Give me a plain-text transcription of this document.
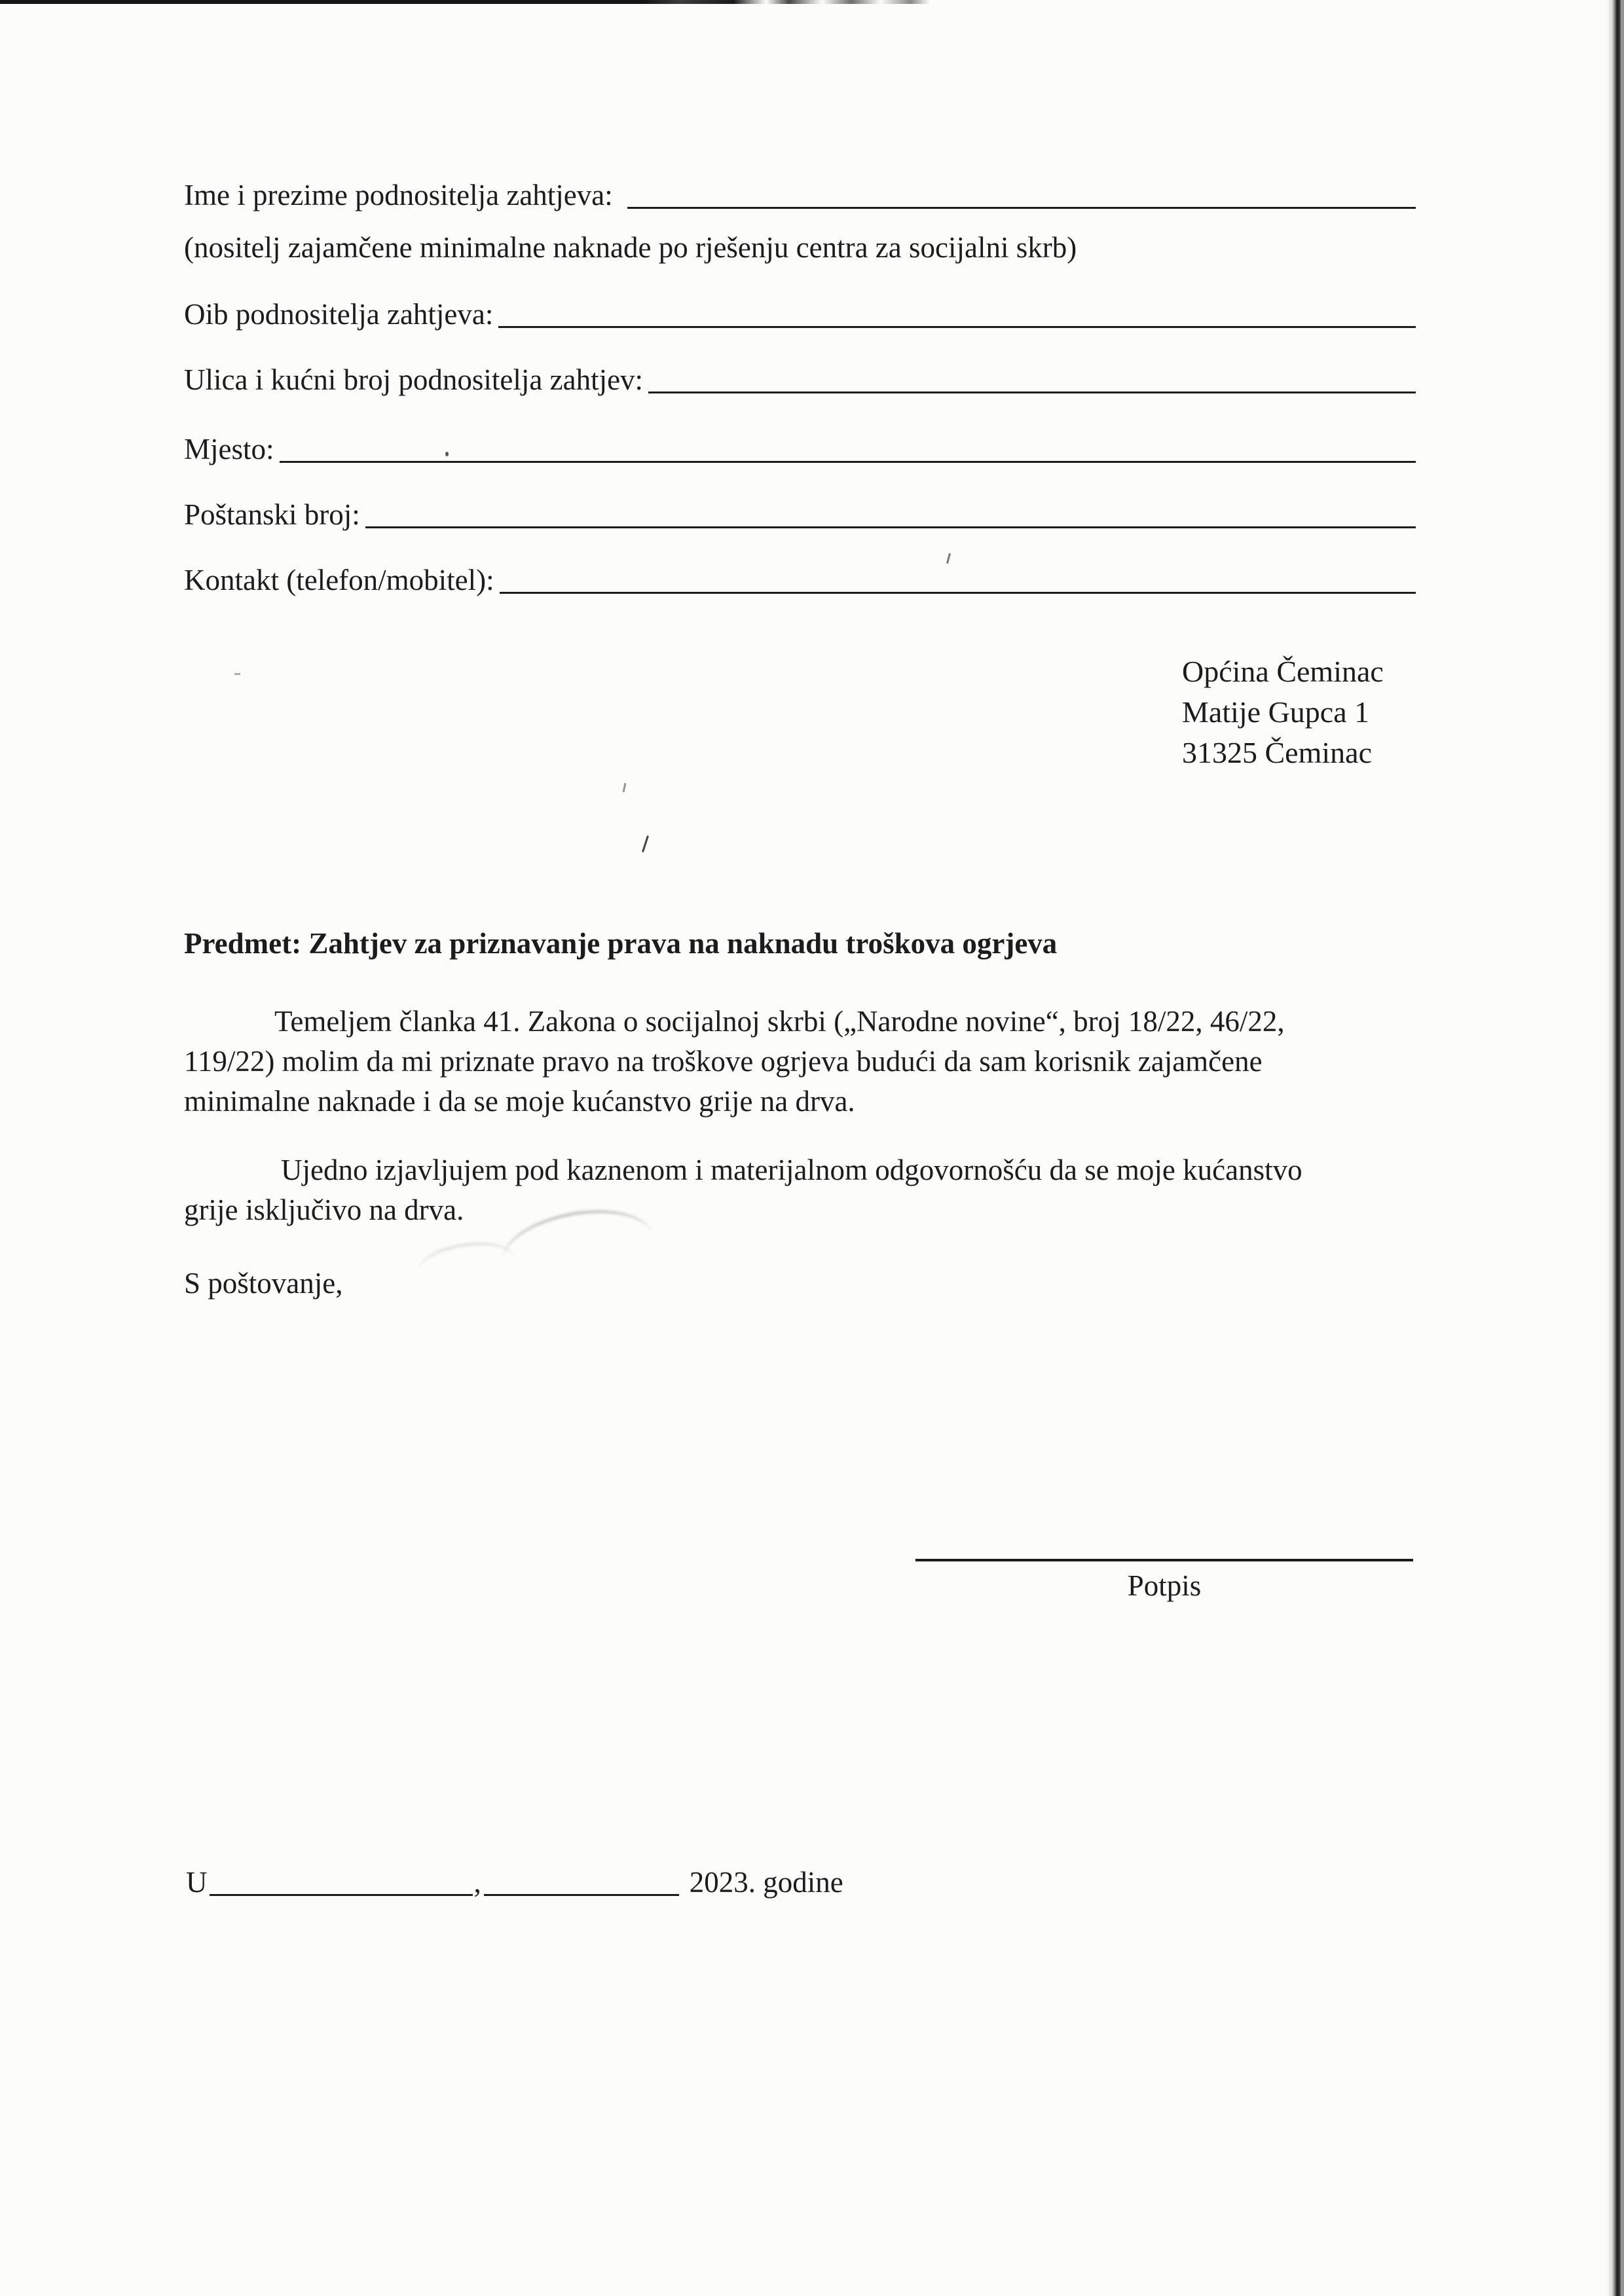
Ime i prezime podnositelja zahtjeva:
(nositelj zajamčene minimalne naknade po rješenju centra za socijalni skrb)
Oib podnositelja zahtjeva:
Ulica i kućni broj podnositelja zahtjev:
Mjesto:
Poštanski broj:
Kontakt (telefon/mobitel):
Općina Čeminac
Matije Gupca 1
31325 Čeminac
Predmet: Zahtjev za priznavanje prava na naknadu troškova ogrjeva
Temeljem članka 41. Zakona o socijalnoj skrbi („Narodne novine“, broj 18/22, 46/22,
119/22) molim da mi priznate pravo na troškove ogrjeva budući da sam korisnik zajamčene
minimalne naknade i da se moje kućanstvo grije na drva.
Ujedno izjavljujem pod kaznenom i materijalnom odgovornošću da se moje kućanstvo
grije isključivo na drva.
S poštovanje,
Potpis
U	,	2023. godine
